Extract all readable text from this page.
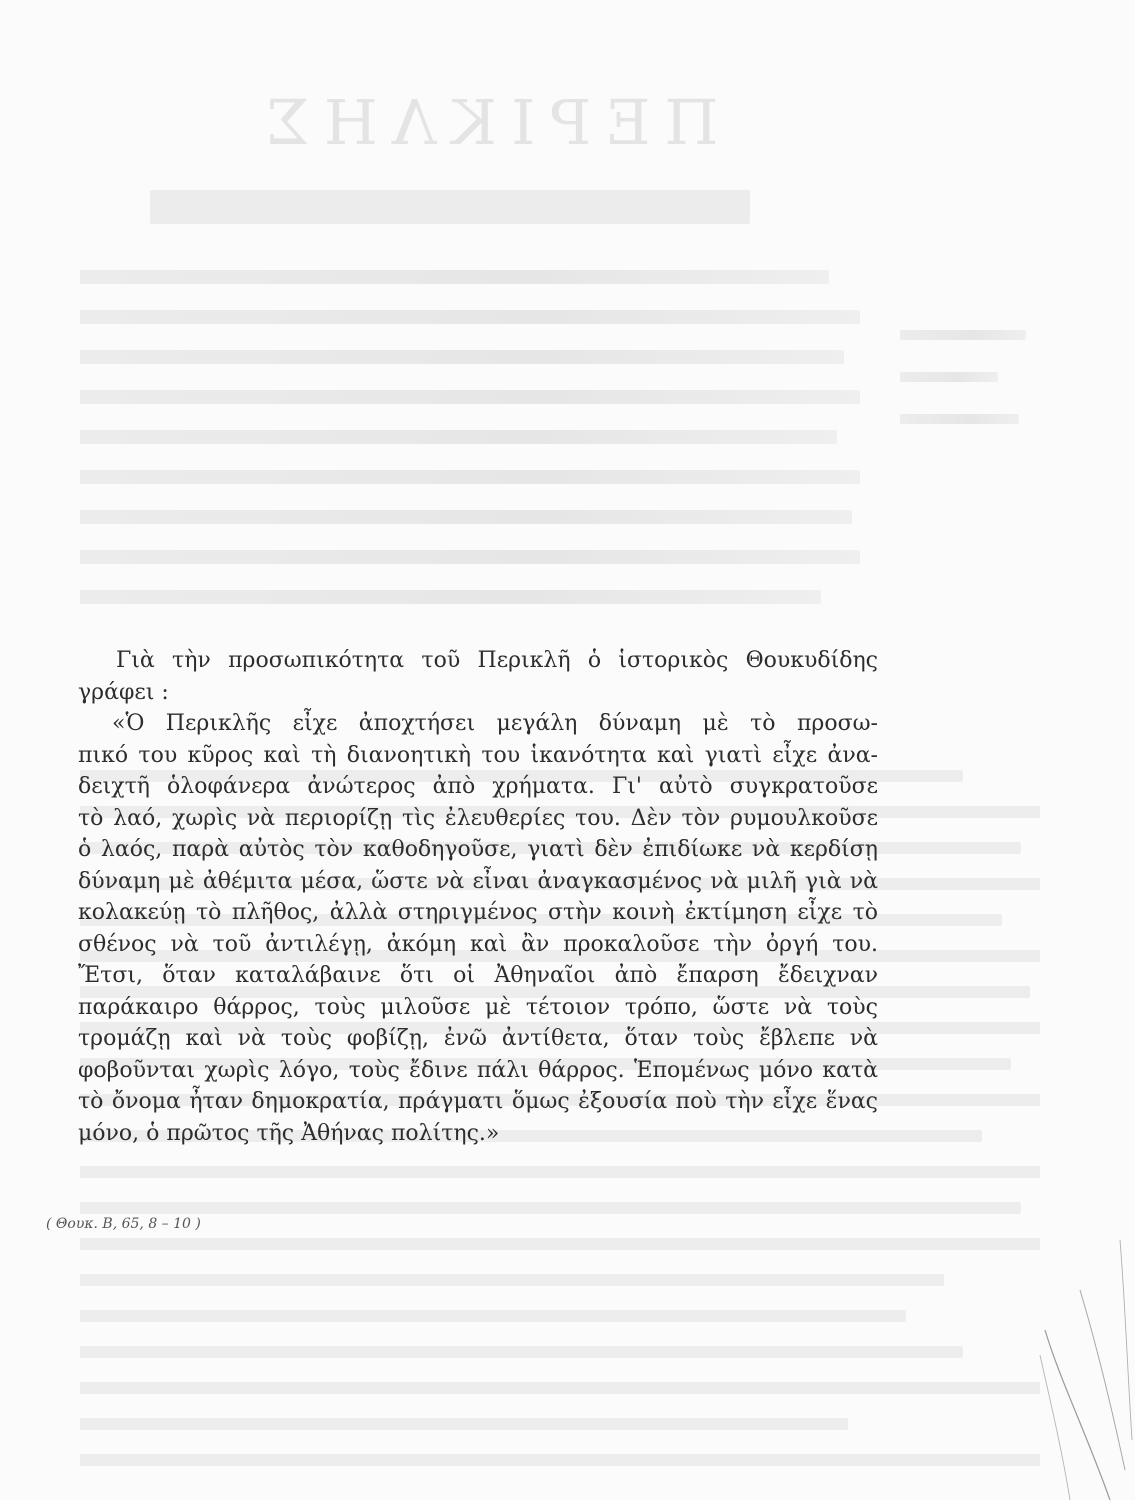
ΠΕΡΙΚΛΗΣ
Γιὰ τὴν προσωπικότητα τοῦ Περικλῆ ὁ ἱστορικὸς Θουκυδίδης
γράφει :
«Ὁ Περικλῆς εἶχε ἀποχτήσει μεγάλη δύναμη μὲ τὸ προσω-
πικό του κῦρος καὶ τὴ διανοητικὴ του ἱκανότητα καὶ γιατὶ εἶχε ἀνα-
δειχτῆ ὁλοφάνερα ἀνώτερος ἀπὸ χρήματα. Γι' αὐτὸ συγκρατοῦσε
τὸ λαό, χωρὶς νὰ περιορίζῃ τὶς ἐλευθερίες του. Δὲν τὸν ρυμουλκοῦσε
ὁ λαός, παρὰ αὐτὸς τὸν καθοδηγοῦσε, γιατὶ δὲν ἐπιδίωκε νὰ κερδίσῃ
δύναμη μὲ ἀθέμιτα μέσα, ὥστε νὰ εἶναι ἀναγκασμένος νὰ μιλῆ γιὰ νὰ
κολακεύῃ τὸ πλῆθος, ἀλλὰ στηριγμένος στὴν κοινὴ ἐκτίμηση εἶχε τὸ
σθένος νὰ τοῦ ἀντιλέγῃ, ἀκόμη καὶ ἂν προκαλοῦσε τὴν ὀργή του.
Ἔτσι, ὅταν καταλάβαινε ὅτι οἱ Ἀθηναῖοι ἀπὸ ἔπαρση ἔδειχναν
παράκαιρο θάρρος, τοὺς μιλοῦσε μὲ τέτοιον τρόπο, ὥστε νὰ τοὺς
τρομάζῃ καὶ νὰ τοὺς φοβίζῃ, ἐνῶ ἀντίθετα, ὅταν τοὺς ἔβλεπε νὰ
φοβοῦνται χωρὶς λόγο, τοὺς ἔδινε πάλι θάρρος. Ἑπομένως μόνο κατὰ
τὸ ὄνομα ἦταν δημοκρατία, πράγματι ὅμως ἐξουσία ποὺ τὴν εἶχε ἕνας
μόνο, ὁ πρῶτος τῆς Ἀθήνας πολίτης.»
( Θουκ. Β, 65, 8 – 10 )
